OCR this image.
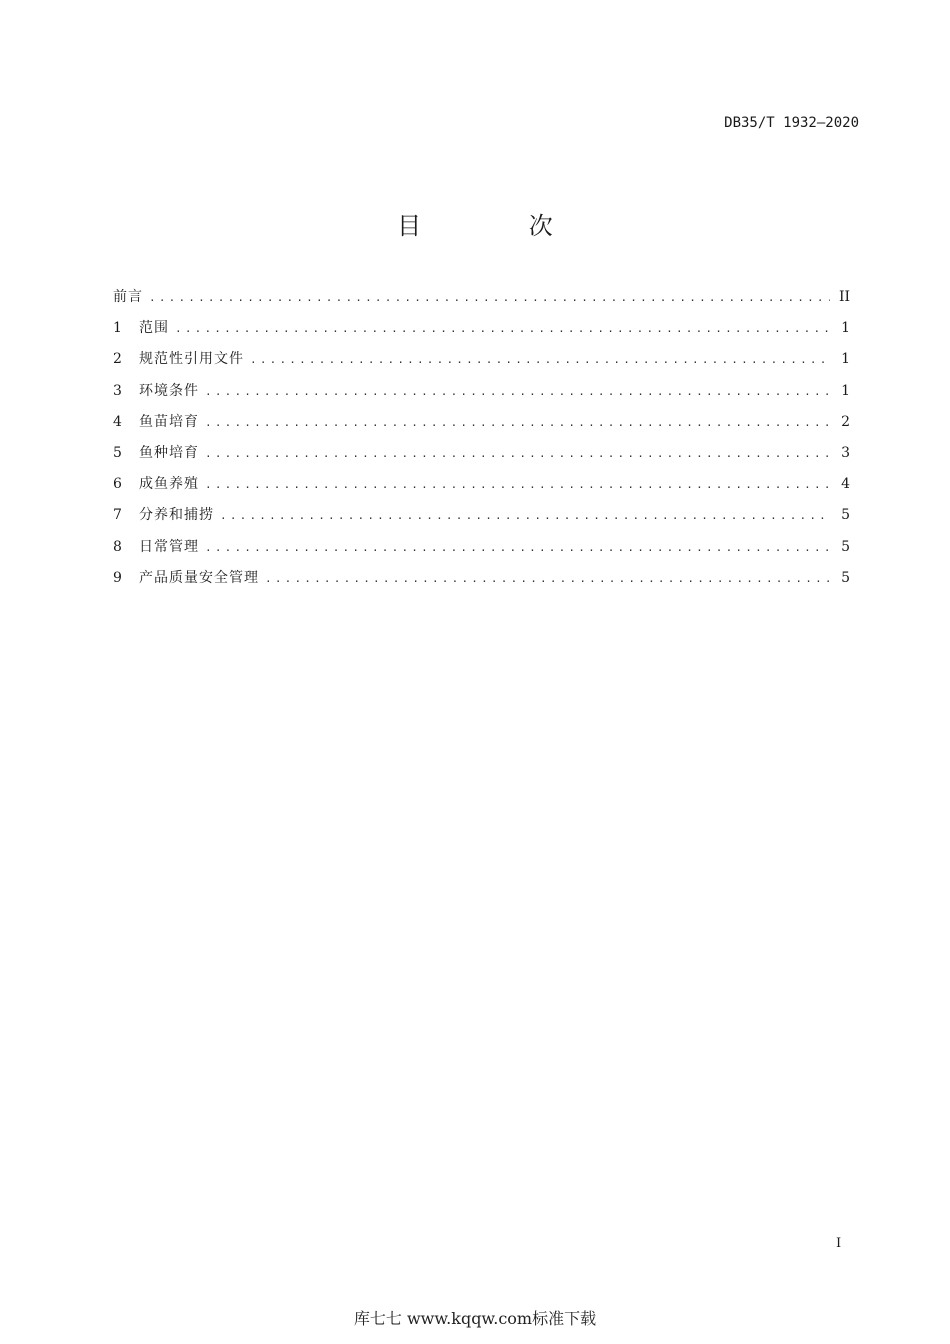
DB35/T 1932—2020
目 次
前言 .....	II
1	范围 .....	1
2	规范性引用文件 .....	1
3	环境条件 .....	1
4	鱼苗培育 .....	2
5	鱼种培育 .....	3
6	成鱼养殖 .....	4
7	分养和捕捞 .....	5
8	日常管理 .....	5
9	产品质量安全管理 .....	5
I
库七七 www.kqqw.com标准下载
